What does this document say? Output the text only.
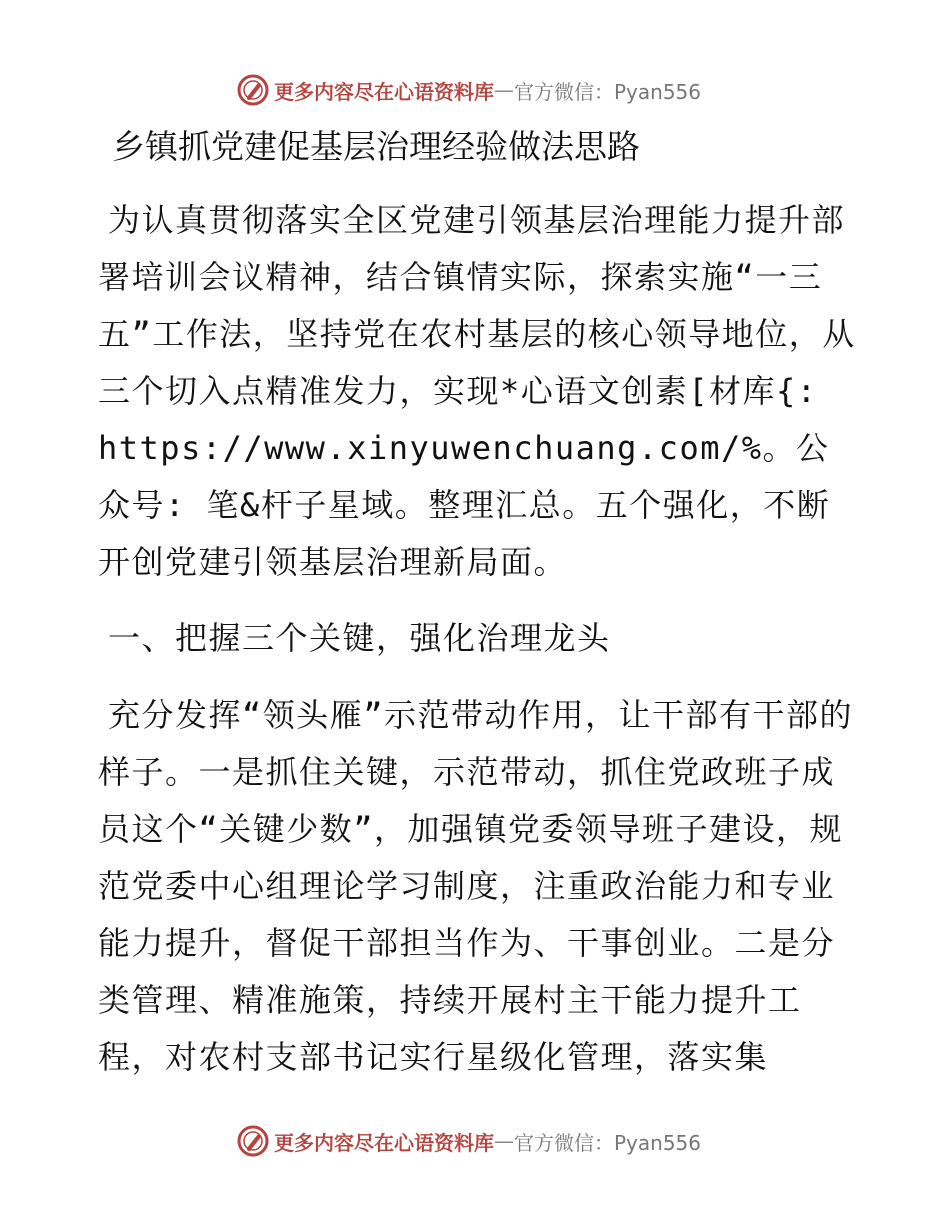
更多内容尽在心语资料库 — 官方微信：Pyan556
乡镇抓党建促基层治理经验做法思路

为认真贯彻落实全区党建引领基层治理能力提升部署培训会议精神，结合镇情实际，探索实施“一三五”工作法，坚持党在农村基层的核心领导地位，从三个切入点精准发力，实现*心语文创素[材库{: https://www.xinyuwenchuang.com/%。公众号: 笔&杆子星域。整理汇总。五个强化，不断开创党建引领基层治理新局面。

一、把握三个关键，强化治理龙头

充分发挥“领头雁”示范带动作用，让干部有干部的样子。一是抓住关键，示范带动，抓住党政班子成员这个“关键少数”，加强镇党委领导班子建设，规范党委中心组理论学习制度，注重政治能力和专业能力提升，督促干部担当作为、干事创业。二是分类管理、精准施策，持续开展村主干能力提升工程，对农村支部书记实行星级化管理，落实集

更多内容尽在心语资料库 — 官方微信：Pyan556
